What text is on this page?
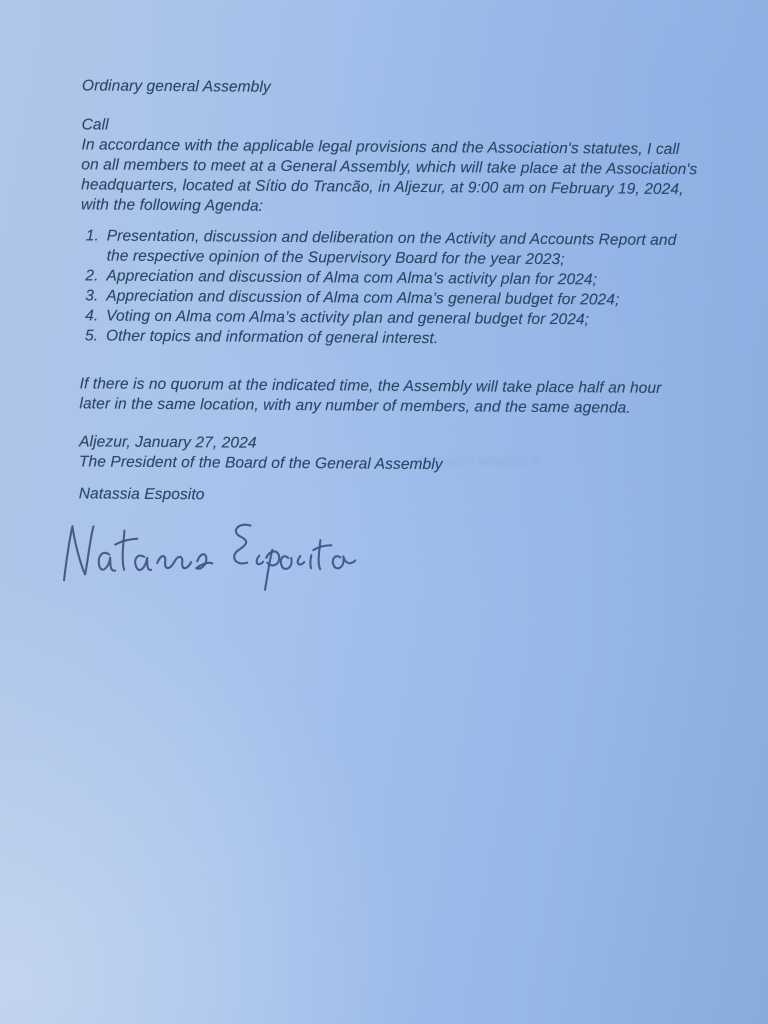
e General Assembly

Ordinary general Assembly

Call

In accordance with the applicable legal provisions and the Association's statutes, I call on all members to meet at a General Assembly, which will take place at the Association's headquarters, located at Sítio do Trancão, in Aljezur, at 9:00 am on February 19, 2024, with the following Agenda:

1. Presentation, discussion and deliberation on the Activity and Accounts Report and the respective opinion of the Supervisory Board for the year 2023;
2. Appreciation and discussion of Alma com Alma’s activity plan for 2024;
3. Appreciation and discussion of Alma com Alma’s general budget for 2024;
4. Voting on Alma com Alma’s activity plan and general budget for 2024;
5. Other topics and information of general interest.

If there is no quorum at the indicated time, the Assembly will take place half an hour later in the same location, with any number of members, and the same agenda.

Aljezur, January 27, 2024

The President of the Board of the General Assembly

Natassia Esposito
